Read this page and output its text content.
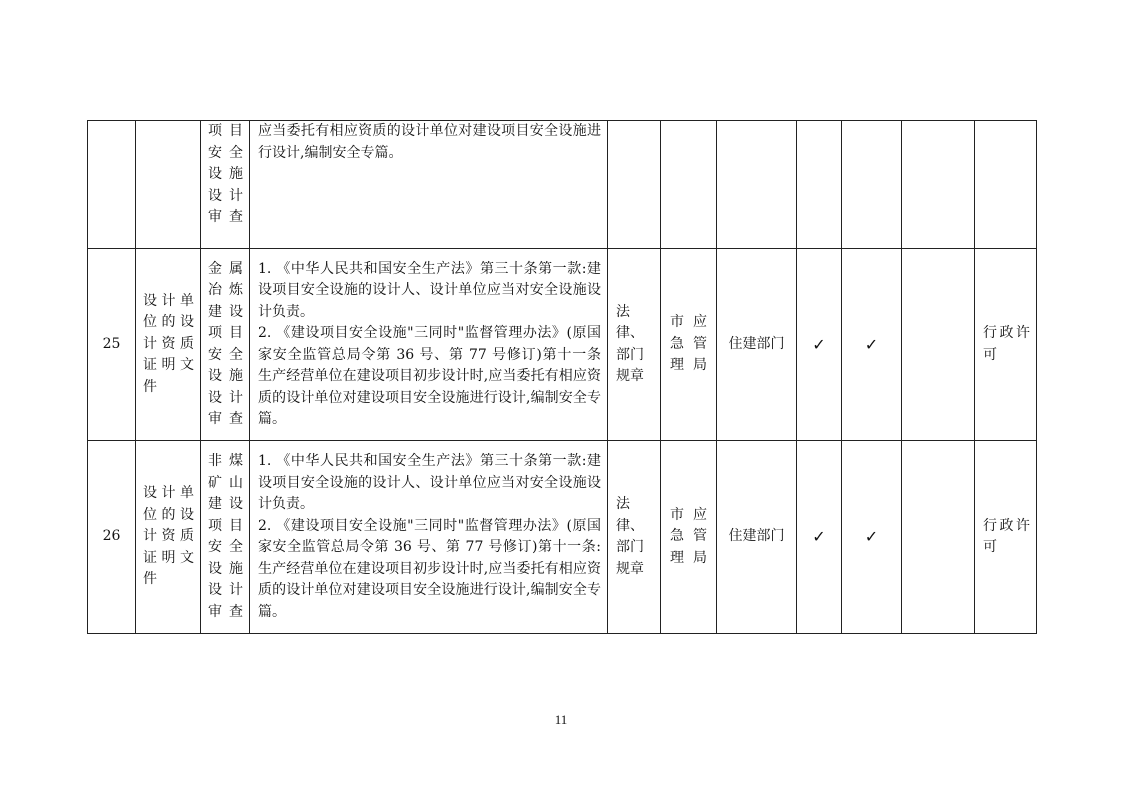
		项目安全设施设计审查	应当委托有相应资质的设计单位对建设项目安全设施进行设计,编制安全专篇。							

25	设计单位的设计资质证明文件	金属冶炼建设项目安全设施设计审查	1. 《中华人民共和国安全生产法》第三十条第一款:建设项目安全设施的设计人、设计单位应当对安全设施设计负责。
2. 《建设项目安全设施"三同时"监督管理办法》(原国家安全监管总局令第 36 号、第 77 号修订)第十一条 生产经营单位在建设项目初步设计时,应当委托有相应资质的设计单位对建设项目安全设施进行设计,编制安全专篇。	法律、部门规章	市应急管理局	住建部门	✓	✓		行政许可
26	设计单位的设计资质证明文件	非煤矿山建设项目安全设施设计审查	1. 《中华人民共和国安全生产法》第三十条第一款:建设项目安全设施的设计人、设计单位应当对安全设施设计负责。
2. 《建设项目安全设施"三同时"监督管理办法》(原国家安全监管总局令第 36 号、第 77 号修订)第十一条:生产经营单位在建设项目初步设计时,应当委托有相应资质的设计单位对建设项目安全设施进行设计,编制安全专篇。	法律、部门规章	市应急管理局	住建部门	✓	✓		行政许可
11
